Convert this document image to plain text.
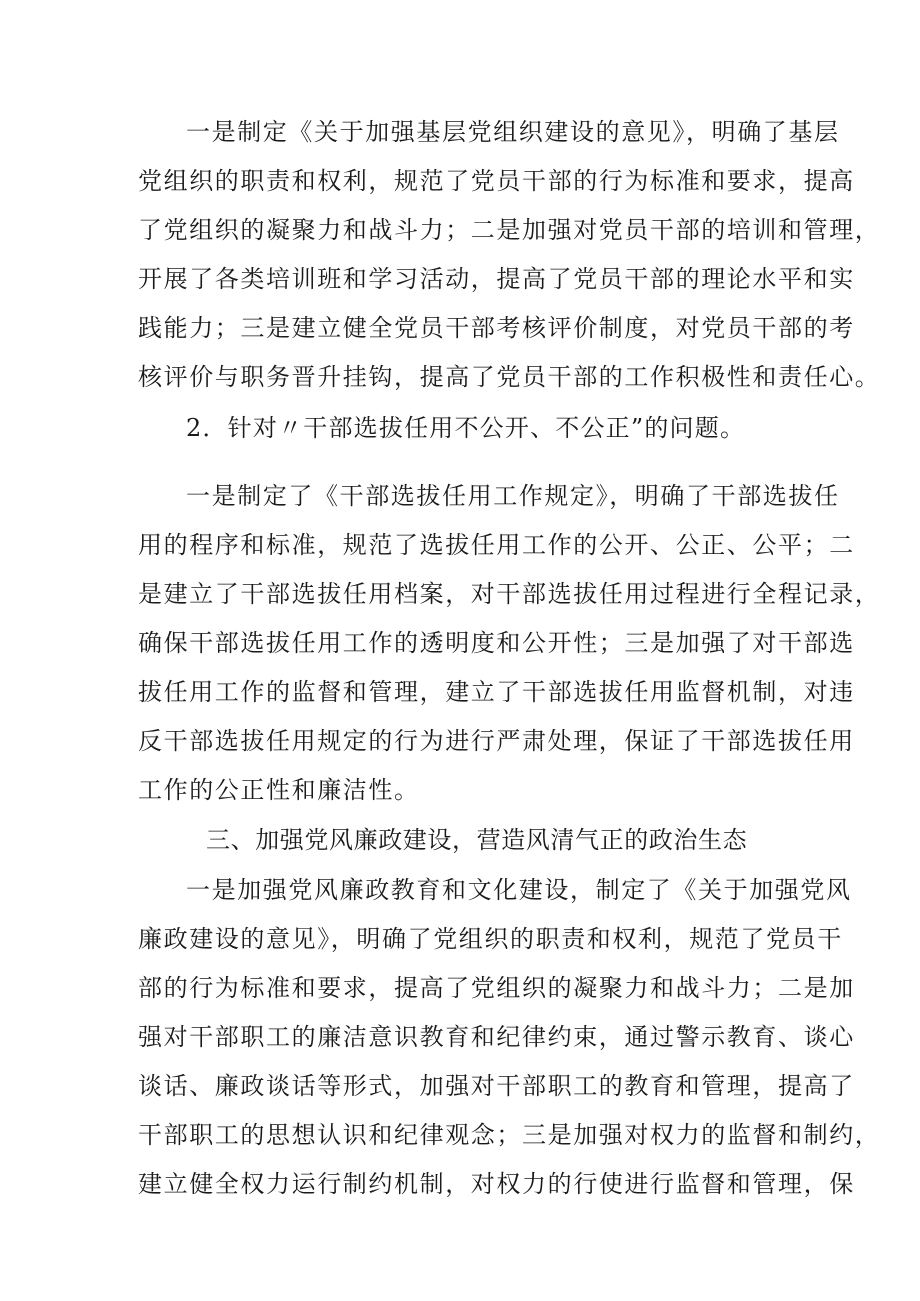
一是制定《关于加强基层党组织建设的意见》，明确了基层
党组织的职责和权利，规范了党员干部的行为标准和要求，提高
了党组织的凝聚力和战斗力；二是加强对党员干部的培训和管理，
开展了各类培训班和学习活动，提高了党员干部的理论水平和实
践能力；三是建立健全党员干部考核评价制度，对党员干部的考
核评价与职务晋升挂钩，提高了党员干部的工作积极性和责任心。
2．针对〃干部选拔任用不公开、不公正”的问题。
一是制定了《干部选拔任用工作规定》，明确了干部选拔任
用的程序和标准，规范了选拔任用工作的公开、公正、公平；二
是建立了干部选拔任用档案，对干部选拔任用过程进行全程记录，
确保干部选拔任用工作的透明度和公开性；三是加强了对干部选
拔任用工作的监督和管理，建立了干部选拔任用监督机制，对违
反干部选拔任用规定的行为进行严肃处理，保证了干部选拔任用
工作的公正性和廉洁性。
三、加强党风廉政建设，营造风清气正的政治生态
一是加强党风廉政教育和文化建设，制定了《关于加强党风
廉政建设的意见》，明确了党组织的职责和权利，规范了党员干
部的行为标准和要求，提高了党组织的凝聚力和战斗力；二是加
强对干部职工的廉洁意识教育和纪律约束，通过警示教育、谈心
谈话、廉政谈话等形式，加强对干部职工的教育和管理，提高了
干部职工的思想认识和纪律观念；三是加强对权力的监督和制约，
建立健全权力运行制约机制，对权力的行使进行监督和管理，保
